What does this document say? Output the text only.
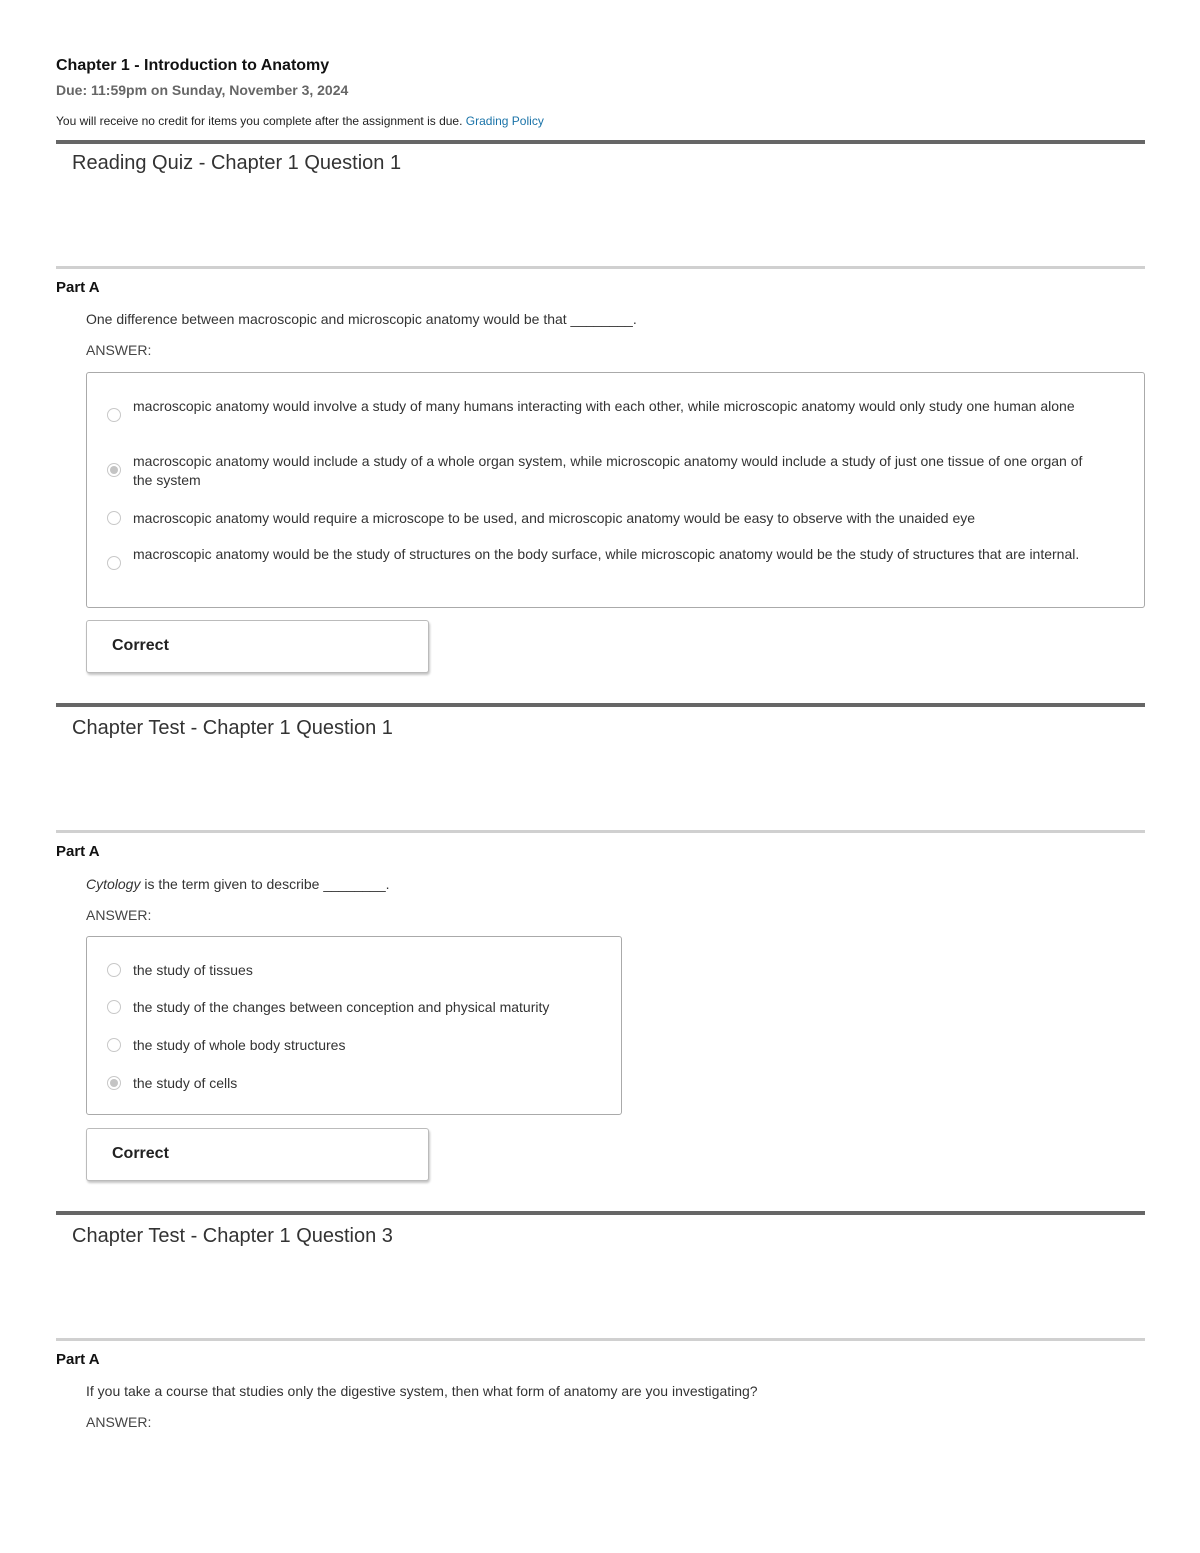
Chapter 1 - Introduction to Anatomy
Due: 11:59pm on Sunday, November 3, 2024
You will receive no credit for items you complete after the assignment is due. Grading Policy
Reading Quiz - Chapter 1 Question 1
Part A
One difference between macroscopic and microscopic anatomy would be that ________.
ANSWER:
macroscopic anatomy would involve a study of many humans interacting with each other, while microscopic anatomy would only study one human alone
macroscopic anatomy would include a study of a whole organ system, while microscopic anatomy would include a study of just one tissue of one organ of the system
macroscopic anatomy would require a microscope to be used, and microscopic anatomy would be easy to observe with the unaided eye
macroscopic anatomy would be the study of structures on the body surface, while microscopic anatomy would be the study of structures that are internal.
Correct
Chapter Test - Chapter 1 Question 1
Part A
Cytology is the term given to describe ________.
ANSWER:
the study of tissues
the study of the changes between conception and physical maturity
the study of whole body structures
the study of cells
Correct
Chapter Test - Chapter 1 Question 3
Part A
If you take a course that studies only the digestive system, then what form of anatomy are you investigating?
ANSWER:
